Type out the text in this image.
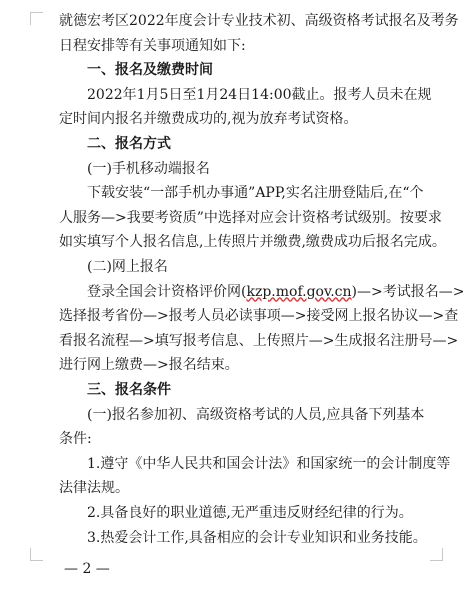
就德宏考区2022年度会计专业技术初、高级资格考试报名及考务
日程安排等有关事项通知如下:
一、报名及缴费时间
2022年1月5日至1月24日14:00截止。报考人员未在规
定时间内报名并缴费成功的,视为放弃考试资格。
二、报名方式
(一)手机移动端报名
下载安装“一部手机办事通”APP,实名注册登陆后,在“个
人服务—>我要考资质”中选择对应会计资格考试级别。按要求
如实填写个人报名信息,上传照片并缴费,缴费成功后报名完成。
(二)网上报名
登录全国会计资格评价网(kzp.mof.gov.cn)—>考试报名—>
选择报考省份—>报考人员必读事项—>接受网上报名协议—>查
看报名流程—>填写报考信息、上传照片—>生成报名注册号—>
进行网上缴费—>报名结束。
三、报名条件
(一)报名参加初、高级资格考试的人员,应具备下列基本
条件:
1.遵守《中华人民共和国会计法》和国家统一的会计制度等
法律法规。
2.具备良好的职业道德,无严重违反财经纪律的行为。
3.热爱会计工作,具备相应的会计专业知识和业务技能。
— 2 —
